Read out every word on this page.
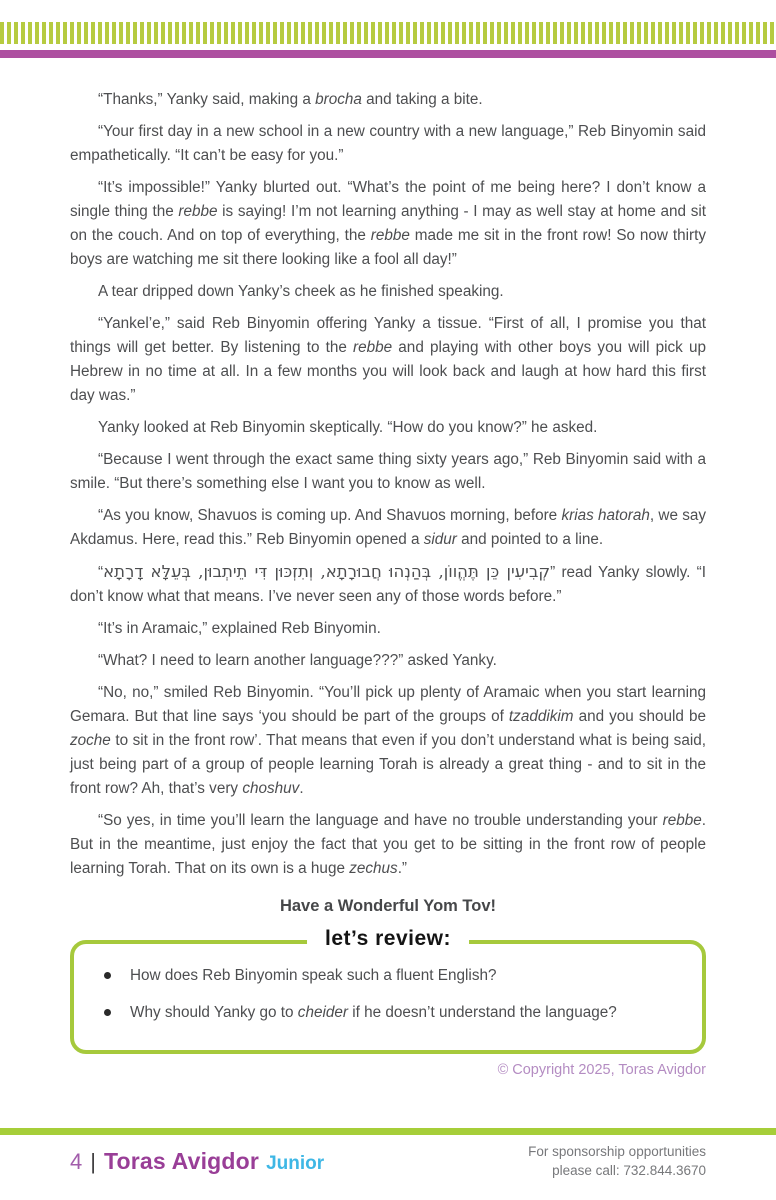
“Thanks,” Yanky said, making a brocha and taking a bite.

“Your first day in a new school in a new country with a new language,” Reb Binyomin said empathetically. “It can’t be easy for you.”

“It’s impossible!” Yanky blurted out. “What’s the point of me being here? I don’t know a single thing the rebbe is saying! I’m not learning anything - I may as well stay at home and sit on the couch. And on top of everything, the rebbe made me sit in the front row! So now thirty boys are watching me sit there looking like a fool all day!”

A tear dripped down Yanky’s cheek as he finished speaking.

“Yankel’e,” said Reb Binyomin offering Yanky a tissue. “First of all, I promise you that things will get better. By listening to the rebbe and playing with other boys you will pick up Hebrew in no time at all. In a few months you will look back and laugh at how hard this first day was.”

Yanky looked at Reb Binyomin skeptically. “How do you know?” he asked.

“Because I went through the exact same thing sixty years ago,” Reb Binyomin said with a smile. “But there’s something else I want you to know as well.

“As you know, Shavuos is coming up. And Shavuos morning, before krias hatorah, we say Akdamus. Here, read this.” Reb Binyomin opened a sidur and pointed to a line.

“קְבִיעִין כֵּן תֶּהֱווֹן, בְּהַנְהוּ חֲבוּרָתָא, וְתִזְכּוּן דִּי תֵיתְבוּן, בְּעֵלָּא דָרָתָא” read Yanky slowly. “I don’t know what that means. I’ve never seen any of those words before.”

“It’s in Aramaic,” explained Reb Binyomin.

“What? I need to learn another language???” asked Yanky.

“No, no,” smiled Reb Binyomin. “You’ll pick up plenty of Aramaic when you start learning Gemara. But that line says ‘you should be part of the groups of tzaddikim and you should be zoche to sit in the front row’. That means that even if you don’t understand what is being said, just being part of a group of people learning Torah is already a great thing - and to sit in the front row? Ah, that’s very choshuv.

“So yes, in time you’ll learn the language and have no trouble understanding your rebbe. But in the meantime, just enjoy the fact that you get to be sitting in the front row of people learning Torah. That on its own is a huge zechus.”

Have a Wonderful Yom Tov!
let’s review:
How does Reb Binyomin speak such a fluent English?
Why should Yanky go to cheider if he doesn’t understand the language?
© Copyright 2025, Toras Avigdor
4 | Toras Avigdor Junior
For sponsorship opportunities
please call: 732.844.3670
